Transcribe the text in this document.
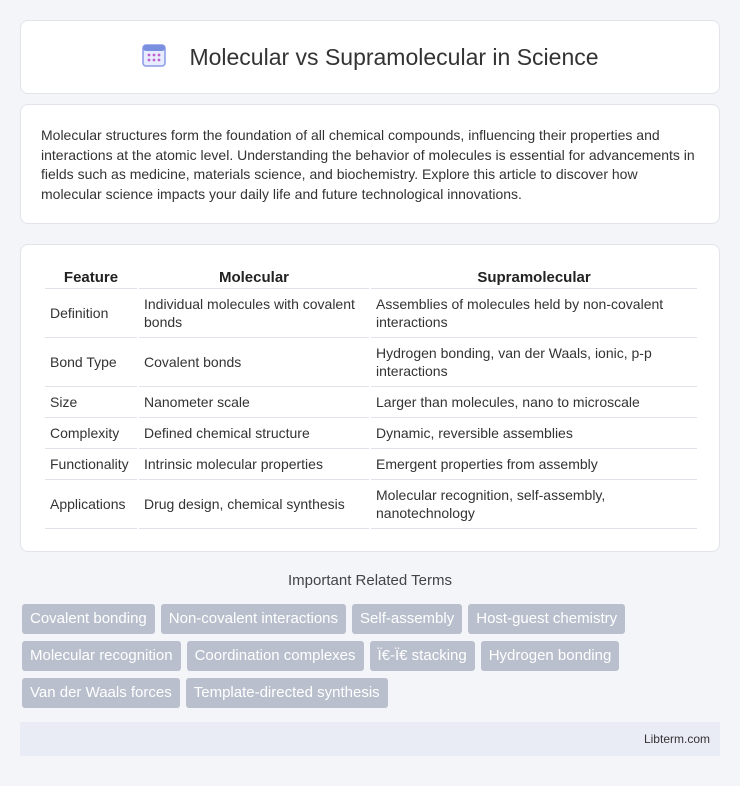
Molecular vs Supramolecular in Science

Molecular structures form the foundation of all chemical compounds, influencing their properties and interactions at the atomic level. Understanding the behavior of molecules is essential for advancements in fields such as medicine, materials science, and biochemistry. Explore this article to discover how molecular science impacts your daily life and future technological innovations.

Feature	Molecular	Supramolecular
Definition	Individual molecules with covalent bonds	Assemblies of molecules held by non-covalent interactions
Bond Type	Covalent bonds	Hydrogen bonding, van der Waals, ionic, p-p interactions
Size	Nanometer scale	Larger than molecules, nano to microscale
Complexity	Defined chemical structure	Dynamic, reversible assemblies
Functionality	Intrinsic molecular properties	Emergent properties from assembly
Applications	Drug design, chemical synthesis	Molecular recognition, self-assembly, nanotechnology
Important Related Terms
Covalent bonding	Non-covalent interactions	Self-assembly	Host-guest chemistry
Molecular recognition	Coordination complexes	Ï€-Ï€ stacking	Hydrogen bonding
Van der Waals forces	Template-directed synthesis
Libterm.com
